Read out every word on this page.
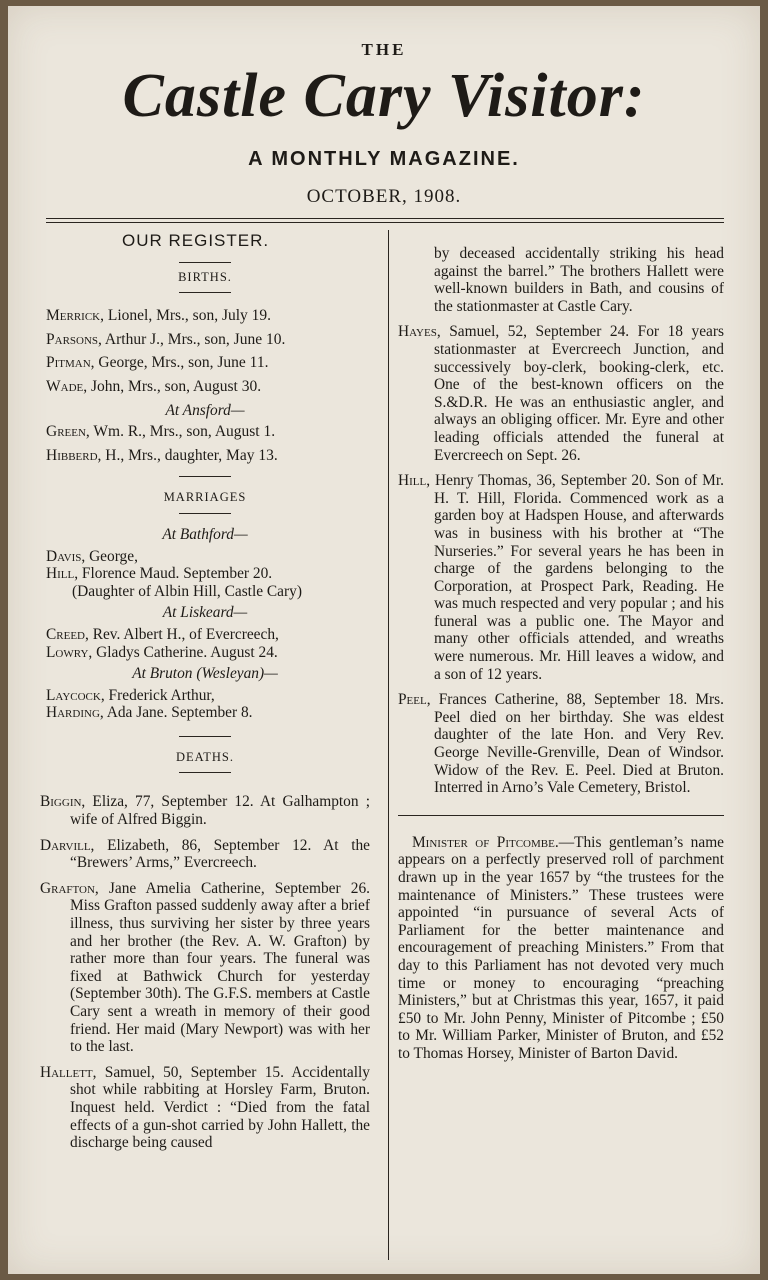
THE
Castle Cary Visitor:
A MONTHLY MAGAZINE.
OCTOBER, 1908.
OUR REGISTER.
BIRTHS.

Merrick, Lionel, Mrs., son, July 19.

Parsons, Arthur J., Mrs., son, June 10.

Pitman, George, Mrs., son, June 11.

Wade, John, Mrs., son, August 30.

At Ansford—

Green, Wm. R., Mrs., son, August 1.

Hibberd, H., Mrs., daughter, May 13.

MARRIAGES

At Bathford—

Davis, George,

Hill, Florence Maud. September 20.

(Daughter of Albin Hill, Castle Cary)

At Liskeard—

Creed, Rev. Albert H., of Evercreech,

Lowry, Gladys Catherine. August 24.

At Bruton (Wesleyan)—

Laycock, Frederick Arthur,

Harding, Ada Jane. September 8.

DEATHS.

Biggin, Eliza, 77, September 12. At Galhampton ; wife of Alfred Biggin.

Darvill, Elizabeth, 86, September 12. At the “Brewers’ Arms,” Evercreech.

Grafton, Jane Amelia Catherine, September 26. Miss Grafton passed suddenly away after a brief illness, thus surviving her sister by three years and her brother (the Rev. A. W. Grafton) by rather more than four years. The funeral was fixed at Bathwick Church for yesterday (September 30th). The G.F.S. members at Castle Cary sent a wreath in memory of their good friend. Her maid (Mary Newport) was with her to the last.

Hallett, Samuel, 50, September 15. Accidentally shot while rabbiting at Horsley Farm, Bruton. Inquest held. Verdict : “Died from the fatal effects of a gun-shot carried by John Hallett, the discharge being caused

by deceased accidentally striking his head against the barrel.” The brothers Hallett were well-known builders in Bath, and cousins of the stationmaster at Castle Cary.

Hayes, Samuel, 52, September 24. For 18 years stationmaster at Evercreech Junction, and successively boy-clerk, booking-clerk, etc. One of the best-known officers on the S.&D.R. He was an enthusiastic angler, and always an obliging officer. Mr. Eyre and other leading officials attended the funeral at Evercreech on Sept. 26.

Hill, Henry Thomas, 36, September 20. Son of Mr. H. T. Hill, Florida. Commenced work as a garden boy at Hadspen House, and afterwards was in business with his brother at “The Nurseries.” For several years he has been in charge of the gardens belonging to the Corporation, at Prospect Park, Reading. He was much respected and very popular ; and his funeral was a public one. The Mayor and many other officials attended, and wreaths were numerous. Mr. Hill leaves a widow, and a son of 12 years.

Peel, Frances Catherine, 88, September 18. Mrs. Peel died on her birthday. She was eldest daughter of the late Hon. and Very Rev. George Neville-Grenville, Dean of Windsor. Widow of the Rev. E. Peel. Died at Bruton. Interred in Arno’s Vale Cemetery, Bristol.

Minister of Pitcombe.—This gentleman’s name appears on a perfectly preserved roll of parchment drawn up in the year 1657 by “the trustees for the maintenance of Ministers.” These trustees were appointed “in pursuance of several Acts of Parliament for the better maintenance and encouragement of preaching Ministers.” From that day to this Parliament has not devoted very much time or money to encouraging “preaching Ministers,” but at Christmas this year, 1657, it paid £50 to Mr. John Penny, Minister of Pitcombe ; £50 to Mr. William Parker, Minister of Bruton, and £52 to Thomas Horsey, Minister of Barton David.
